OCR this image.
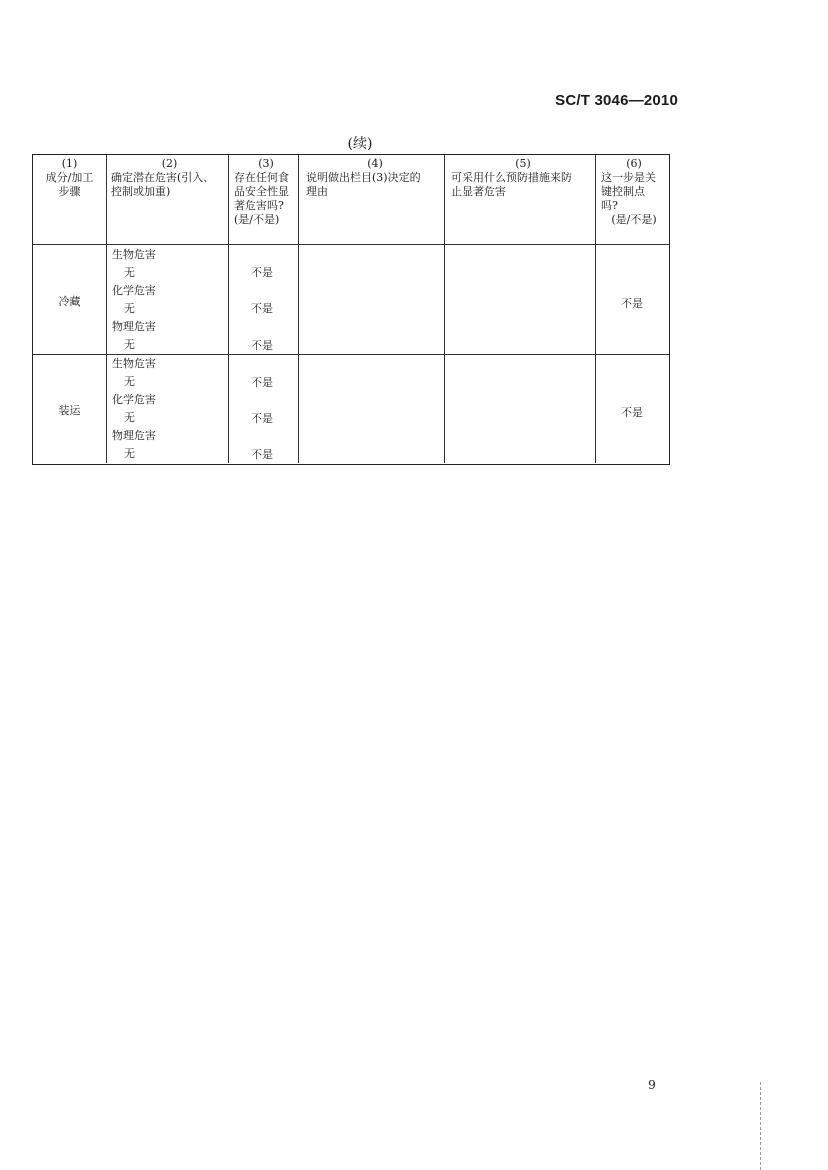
SC/T 3046—2010
(续)
(1)
成分/加工
步骤
(2)
确定潜在危害(引入、
控制或加重)
(3)
存在任何食
品安全性显
著危害吗?
(是/不是)
(4)
说明做出栏目(3)决定的
理由
(5)
可采用什么预防措施来防
止显著危害
(6)
这一步是关
键控制点
吗?
(是/不是)
冷藏
生物危害
无
化学危害
无
物理危害
无
不是
不是
不是
不是
装运
生物危害
无
化学危害
无
物理危害
无
不是
不是
不是
不是
9
